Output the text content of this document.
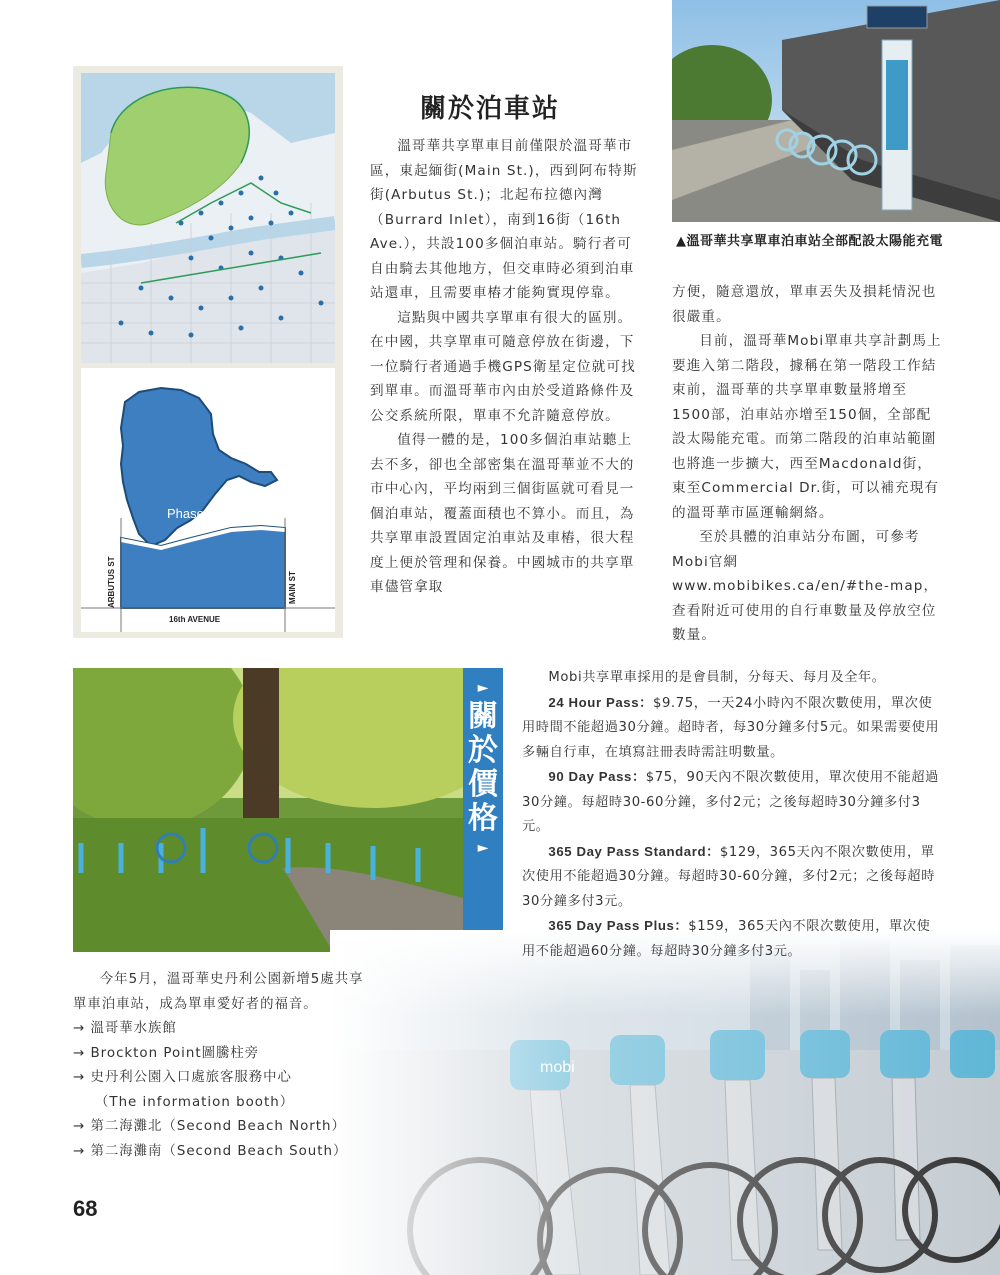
Phase I
ARBUTUS ST	MAIN ST
16th AVENUE
關於泊車站

溫哥華共享單車目前僅限於溫哥華市區，東起緬街(Main St.)，西到阿布特斯街(Arbutus St.)；北起布拉德內灣（Burrard Inlet），南到16街（16th Ave.），共設100多個泊車站。騎行者可自由騎去其他地方，但交車時必須到泊車站還車，且需要車樁才能夠實現停靠。

這點與中國共享單車有很大的區別。在中國，共享單車可隨意停放在街邊，下一位騎行者通過手機GPS衛星定位就可找到單車。而溫哥華市內由於受道路條件及公交系統所限，單車不允許隨意停放。

值得一體的是，100多個泊車站聽上去不多，卻也全部密集在溫哥華並不大的市中心內，平均兩到三個街區就可看見一個泊車站，覆蓋面積也不算小。而且，為共享單車設置固定泊車站及車樁，很大程度上便於管理和保養。中國城市的共享單車儘管拿取

▲溫哥華共享單車泊車站全部配設太陽能充電

方便，隨意還放，單車丟失及損耗情況也很嚴重。

目前，溫哥華Mobi單車共享計劃馬上要進入第二階段，據稱在第一階段工作結束前，溫哥華的共享單車數量將增至1500部，泊車站亦增至150個，全部配設太陽能充電。而第二階段的泊車站範圍也將進一步擴大，西至Macdonald街，東至Commercial Dr.街，可以補充現有的溫哥華市區運輸網絡。

至於具體的泊車站分布圖，可參考Mobi官網www.mobibikes.ca/en/#the-map，查看附近可使用的自行車數量及停放空位數量。

►
關
於
價
格
►
Mobi共享單車採用的是會員制，分每天、每月及全年。
24 Hour Pass：$9.75，一天24小時內不限次數使用，單次使用時間不能超過30分鐘。超時者，每30分鐘多付5元。如果需要使用多輛自行車，在填寫註冊表時需註明數量。
90 Day Pass：$75，90天內不限次數使用，單次使用不能超過30分鐘。每超時30-60分鐘，多付2元；之後每超時30分鐘多付3元。
365 Day Pass Standard：$129，365天內不限次數使用，單次使用不能超過30分鐘。每超時30-60分鐘，多付2元；之後每超時30分鐘多付3元。
365 Day Pass Plus：$159，365天內不限次數使用，單次使用不能超過60分鐘。每超時30分鐘多付3元。
今年5月，溫哥華史丹利公園新增5處共享單車泊車站，成為單車愛好者的福音。
→ 溫哥華水族館
→ Brockton Point圖騰柱旁
→ 史丹利公園入口處旅客服務中心
（The information booth）
→ 第二海灘北（Second Beach North）
→ 第二海灘南（Second Beach South）
68
